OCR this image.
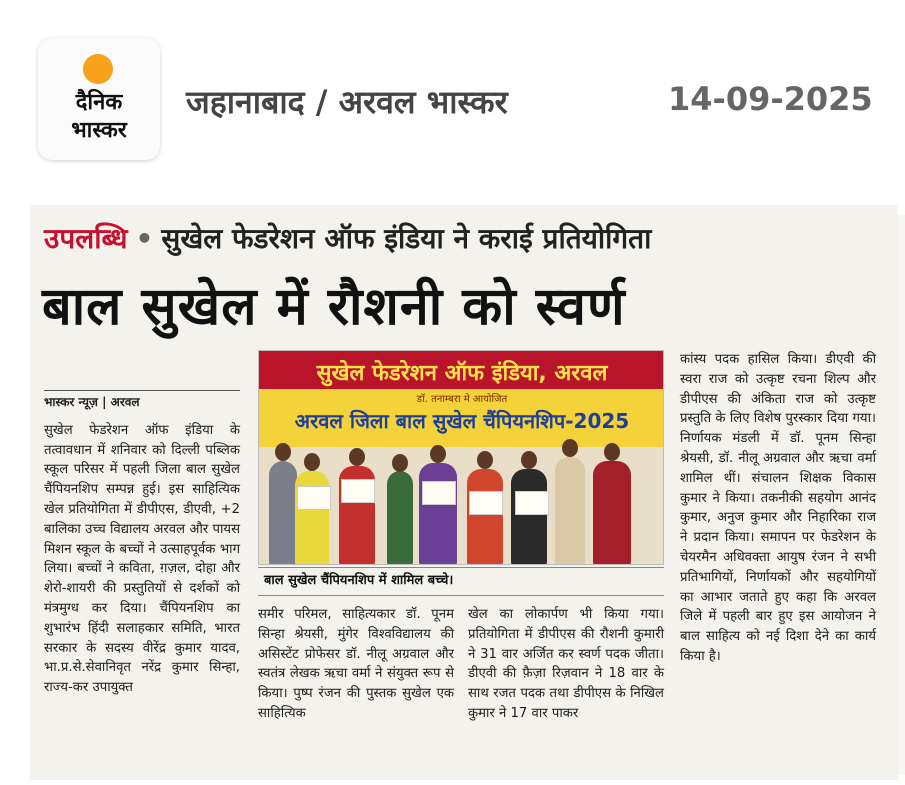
दैनिक
भास्कर
जहानाबाद / अरवल भास्कर	14-09-2025
उपलब्धि • सुखेल फेडरेशन ऑफ इंडिया ने कराई प्रतियोगिता
बाल सुखेल में रौशनी को स्वर्ण
भास्कर न्यूज़ | अरवल

सुखेल फेडरेशन ऑफ इंडिया के तत्वावधान में शनिवार को दिल्ली पब्लिक स्कूल परिसर में पहली जिला बाल सुखेल चैंपियनशिप सम्पन्न हुई। इस साहित्यिक खेल प्रतियोगिता में डीपीएस, डीएवी, +2 बालिका उच्च विद्यालय अरवल और पायस मिशन स्कूल के बच्चों ने उत्साहपूर्वक भाग लिया। बच्चों ने कविता, ग़ज़ल, दोहा और शेरो-शायरी की प्रस्तुतियों से दर्शकों को मंत्रमुग्ध कर दिया। चैंपियनशिप का शुभारंभ हिंदी सलाहकार समिति, भारत सरकार के सदस्य वीरेंद्र कुमार यादव, भा.प्र.से.सेवानिवृत नरेंद्र कुमार सिन्हा, राज्य-कर उपायुक्त

सुखेल फेडरेशन ऑफ इंडिया, अरवल
डॉ. तनाम्बरा मे आयोजित
अरवल जिला बाल सुखेल चैंपियनशिप-2025
बाल सुखेल चैंपियनशिप में शामिल बच्चे।

समीर परिमल, साहित्यकार डॉ. पूनम सिन्हा श्रेयसी, मुंगेर विश्वविद्यालय की असिस्टेंट प्रोफेसर डॉ. नीलू अग्रवाल और स्वतंत्र लेखक ऋचा वर्मा ने संयुक्त रूप से किया। पुष्प रंजन की पुस्तक सुखेल एक साहित्यिक

खेल का लोकार्पण भी किया गया। प्रतियोगिता में डीपीएस की रौशनी कुमारी ने 31 वार अर्जित कर स्वर्ण पदक जीता। डीएवी की फ़ैज़ा रिज़वान ने 18 वार के साथ रजत पदक तथा डीपीएस के निखिल कुमार ने 17 वार पाकर

कांस्य पदक हासिल किया। डीएवी की स्वरा राज को उत्कृष्ट रचना शिल्प और डीपीएस की अंकिता राज को उत्कृष्ट प्रस्तुति के लिए विशेष पुरस्कार दिया गया। निर्णायक मंडली में डॉ. पूनम सिन्हा श्रेयसी, डॉ. नीलू अग्रवाल और ऋचा वर्मा शामिल थीं। संचालन शिक्षक विकास कुमार ने किया। तकनीकी सहयोग आनंद कुमार, अनुज कुमार और निहारिका राज ने प्रदान किया। समापन पर फेडरेशन के चेयरमैन अधिवक्ता आयुष रंजन ने सभी प्रतिभागियों, निर्णायकों और सहयोगियों का आभार जताते हुए कहा कि अरवल जिले में पहली बार हुए इस आयोजन ने बाल साहित्य को नई दिशा देने का कार्य किया है।
